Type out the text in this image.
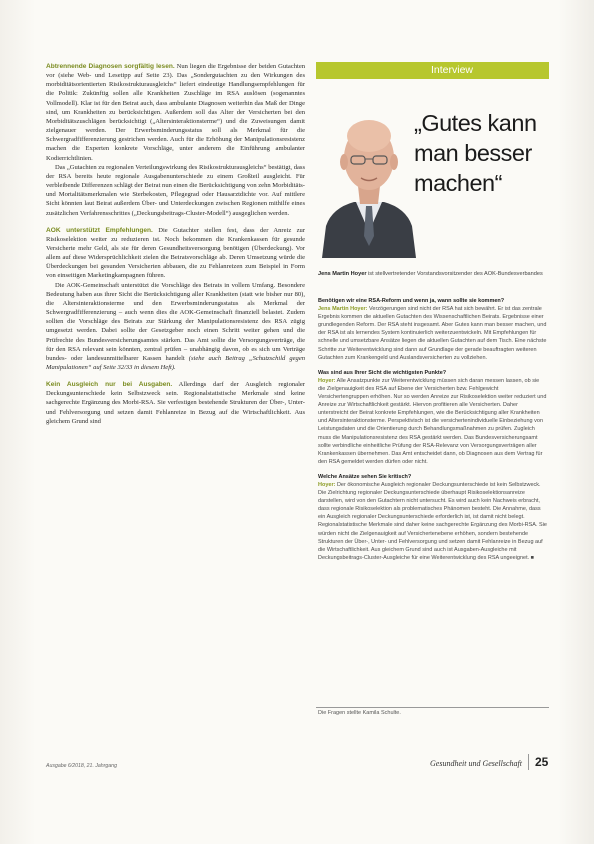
Abtrennende Diagnosen sorgfältig lesen. Nun liegen die Ergebnisse der beiden Gutachten vor (siehe Web- und Lesetipp auf Seite 23). Das „Sondergutachten zu den Wirkungen des morbiditätsorientierten Risikostrukturausgleichs“ liefert eindeutige Handlungsempfehlungen für die Politik: Zukünftig sollen alle Krankheiten Zuschläge im RSA auslösen (sogenanntes Vollmodell). Klar ist für den Beirat auch, dass ambulante Diagnosen weiterhin das Maß der Dinge sind, um Krankheiten zu berücksichtigen. Außerdem soll das Alter der Versicherten bei den Morbiditätszuschlägen berücksichtigt („Altersinteraktionsterme“) und die Zuweisungen damit zielgenauer werden. Der Erwerbsminderungsstatus soll als Merkmal für die Schwergradfifferenzierung gestrichen werden. Auch für die Erhöhung der Manipulationsresistenz machen die Experten konkrete Vorschläge, unter anderem die Einführung ambulanter Kodierrichtlinien.

Das „Gutachten zu regionalen Verteilungswirkung des Risikostrukturausgleichs“ bestätigt, dass der RSA bereits heute regionale Ausgabenunterschiede zu einem Großteil ausgleicht. Für verbleibende Differenzen schlägt der Beirat nun einen die Berücksichtigung von zehn Morbiditäts- und Mortalitätsmerkmalen wie Sterbekosten, Pflegegrad oder Hausarztdichte vor. Auf mittlere Sicht könnten laut Beirat außerdem Über- und Unterdeckungen zwischen Regionen mithilfe eines zusätzlichen Verfahrensschrittes („Deckungsbeitrags-Cluster-Modell“) ausgeglichen werden.

AOK unterstützt Empfehlungen. Die Gutachter stellen fest, dass der Anreiz zur Risikoselektion weiter zu reduzieren ist. Noch bekommen die Krankenkassen für gesunde Versicherte mehr Geld, als sie für deren Gesundheitsversorgung benötigen (Überdeckung). Vor allem auf diese Widersprüchlichkeit zielen die Beiratsvorschläge ab. Deren Umsetzung würde die Überdeckungen bei gesunden Versicherten abbauen, die zu Fehlanreizen zum Beispiel in Form von einseitigen Marketingkampagnen führen.

Die AOK-Gemeinschaft unterstützt die Vorschläge des Beirats in vollem Umfang. Besondere Bedeutung haben aus ihrer Sicht die Berücksichtigung aller Krankheiten (statt wie bisher nur 80), die Altersinteraktionsterme und den Erwerbsminderungsstatus als Merkmal der Schwergradfifferenzierung – auch wenn dies die AOK-Gemeinschaft finanziell belastet. Zudem sollten die Vorschläge des Beirats zur Stärkung der Manipulationsresistenz des RSA zügig umgesetzt werden. Dabei sollte der Gesetzgeber noch einen Schritt weiter gehen und die Prüfrechte des Bundesversicherungsamtes stärken. Das Amt sollte die Versorgungsverträge, die für den RSA relevant sein könnten, zentral prüfen – unabhängig davon, ob es sich um Verträge bundes- oder landesunmittelbarer Kassen handelt (siehe auch Beitrag „Schutzschild gegen Manipulationen“ auf Seite 32/33 in diesem Heft).

Kein Ausgleich nur bei Ausgaben. Allerdings darf der Ausgleich regionaler Deckungsunterschiede kein Selbstzweck sein. Regionalstatistische Merkmale sind keine sachgerechte Ergänzung des Morbi-RSA. Sie verfestigen bestehende Strukturen der Über-, Unter- und Fehlversorgung und setzen damit Fehlanreize in Bezug auf die Wirtschaftlichkeit. Aus gleichem Grund sind

Interview
„Gutes kann man besser machen“
Jens Martin Hoyer ist stellvertretender Vorstandsvorsitzender des AOK-Bundesverbandes

Benötigen wir eine RSA-Reform und wenn ja, wann sollte sie kommen?
Jens Martin Hoyer: Verzögerungen sind nicht der RSA hat sich bewährt. Er ist das zentrale Ergebnis kommen die aktuellen Gutachten des Wissenschaftlichen Beirats. Ergebnisse einer grundlegenden Reform. Der RSA steht insgesamt. Aber Gutes kann man besser machen, und der RSA ist als lernendes System kontinuierlich weiterzuentwickeln. Mit Empfehlungen für schnelle und umsetzbare Ansätze liegen die aktuellen Gutachten auf dem Tisch. Eine nächste Schritte zur Weiterentwicklung sind dann auf Grundlage der gerade beauftragten weiteren Gutachten zum Krankengeld und Auslandsversicherten zu vollziehen.

Was sind aus Ihrer Sicht die wichtigsten Punkte?
Hoyer: Alle Ansatzpunkte zur Weiterentwicklung müssen sich daran messen lassen, ob sie die Zielgenauigkeit des RSA auf Ebene der Versicherten bzw. Fehlgewicht Versichertengruppen erhöhen. Nur so werden Anreize zur Risikoselektion weiter reduziert und Anreize zur Wirtschaftlichkeit gestärkt. Hiervon profitieren alle Versicherten. Daher unterstreicht der Beirat konkrete Empfehlungen, wie die Berücksichtigung aller Krankheiten und Altersinteraktionsterme. Perspektivisch ist die versichertenindividuelle Einbeziehung von Leistungsdaten und die Orientierung durch Behandlungsmaßnahmen zu prüfen. Zugleich muss die Manipulationsresistenz des RSA gestärkt werden. Das Bundesversicherungsamt sollte verbindliche einheitliche Prüfung der RSA-Relevanz von Versorgungsverträgen aller Krankenkassen übernehmen. Das Amt entscheidet dann, ob Diagnosen aus dem Vertrag für den RSA gemeldet werden dürfen oder nicht.

Welche Ansätze sehen Sie kritisch?
Hoyer: Der ökonomische Ausgleich regionaler Deckungsunterschiede ist kein Selbstzweck. Die Zielrichtung regionaler Deckungsunterschiede überhaupt Risikoselektionsanreize darstellen, wird von den Gutachtern nicht untersucht. Es wird auch kein Nachweis erbracht, dass regionale Risikoselektion als problematisches Phänomen besteht. Die Annahme, dass ein Ausgleich regionaler Deckungsunterschiede erforderlich ist, ist damit nicht belegt. Regionalstatistische Merkmale sind daher keine sachgerechte Ergänzung des Morbi-RSA. Sie würden nicht die Zielgenauigkeit auf Versichertenebene erhöhen, sondern bestehende Strukturen der Über-, Unter- und Fehlversorgung und setzen damit Fehlanreize in Bezug auf die Wirtschaftlichkeit. Aus gleichem Grund sind auch ist Ausgaben-Ausgleiche mit Deckungsbeitrags-Cluster-Ausgleiche für eine Weiterentwicklung des RSA ungeeignet. ■

Die Fragen stellte Kamila Schulte.
Ausgabe 6/2018, 21. Jahrgang	Gesundheit und Gesellschaft 25
